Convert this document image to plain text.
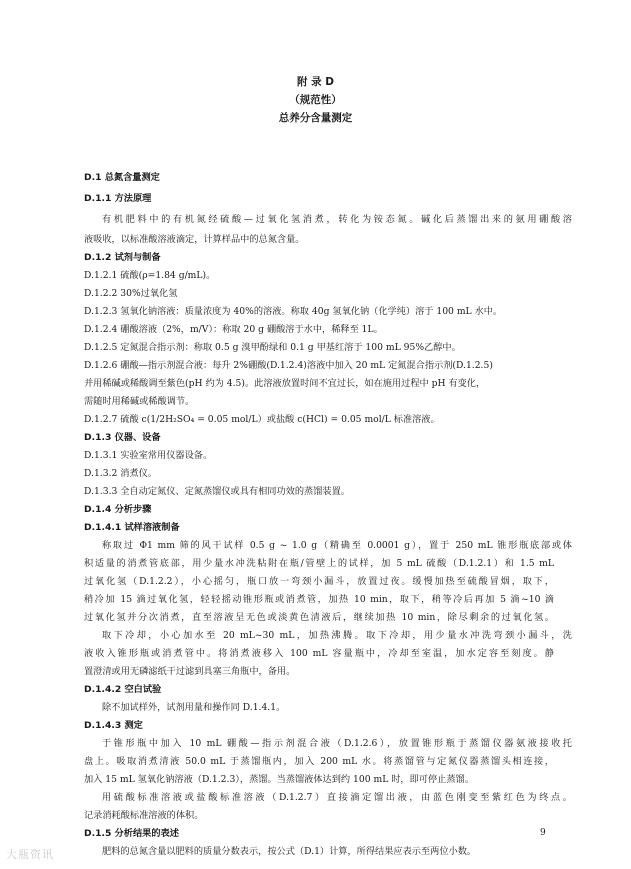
附 录 D
（规范性）
总养分含量测定
D.1 总氮含量测定
D.1.1 方法原理
有机肥料中的有机氮经硫酸—过氧化氢消煮，转化为铵态氮。碱化后蒸馏出来的氨用硼酸溶
液吸收，以标准酸溶液滴定，计算样品中的总氮含量。
D.1.2 试剂与制备
D.1.2.1 硫酸(ρ=1.84 g/mL)。
D.1.2.2 30%过氧化氢
D.1.2.3 氢氧化钠溶液：质量浓度为 40%的溶液。称取 40g 氢氧化钠（化学纯）溶于 100 mL 水中。
D.1.2.4 硼酸溶液（2%，m/V）：称取 20 g 硼酸溶于水中，稀释至 1L。
D.1.2.5 定氮混合指示剂：称取 0.5 g 溴甲酚绿和 0.1 g 甲基红溶于 100 mL 95%乙醇中。
D.1.2.6 硼酸—指示剂混合液：每升 2%硼酸(D.1.2.4)溶液中加入 20 mL 定氮混合指示剂(D.1.2.5)
并用稀碱或稀酸调至紫色(pH 约为 4.5)。此溶液放置时间不宜过长，如在施用过程中 pH 有变化，
需随时用稀碱或稀酸调节。
D.1.2.7 硫酸 c(1/2H₂SO₄ = 0.05 mol/L）或盐酸 c(HCl) = 0.05 mol/L 标准溶液。
D.1.3 仪器、设备
D.1.3.1 实验室常用仪器设备。
D.1.3.2 消煮仪。
D.1.3.3 全自动定氮仪、定氮蒸馏仪或具有相同功效的蒸馏装置。
D.1.4 分析步骤
D.1.4.1 试样溶液制备
称取过 Φ1 mm 筛的风干试样 0.5 g ~ 1.0 g（精确至 0.0001 g），置于 250 mL 锥形瓶底部或体
积适量的消煮管底部，用少量水冲洗粘附在瓶/管壁上的试样，加 5 mL 硫酸（D.1.2.1）和 1.5 mL
过氧化氢（D.1.2.2），小心摇匀，瓶口放一弯颈小漏斗，放置过夜。缓慢加热至硫酸冒烟，取下，
稍冷加 15 滴过氧化氢，轻轻摇动锥形瓶或消煮管，加热 10 min，取下，稍等冷后再加 5 滴~10 滴
过氧化氢并分次消煮，直至溶液呈无色或淡黄色清液后，继续加热 10 min，除尽剩余的过氧化氢。
取下冷却，小心加水至 20 mL~30 mL，加热沸腾。取下冷却，用少量水冲洗弯颈小漏斗，洗
液收入锥形瓶或消煮管中。将消煮液移入 100 mL 容量瓶中，冷却至室温，加水定容至刻度。静
置澄清或用无磷滤纸干过滤到具塞三角瓶中，备用。
D.1.4.2 空白试验
除不加试样外，试剂用量和操作同 D.1.4.1。
D.1.4.3 测定
于锥形瓶中加入 10 mL 硼酸—指示剂混合液（D.1.2.6），放置锥形瓶于蒸馏仪器氨液接收托
盘上。吸取消煮清液 50.0 mL 于蒸馏瓶内，加入 200 mL 水。将蒸馏管与定氮仪器蒸馏头相连接，
加入 15 mL 氢氧化钠溶液（D.1.2.3），蒸馏。当蒸馏液体达到约 100 mL 时，即可停止蒸馏。
用硫酸标准溶液或盐酸标准溶液（D.1.2.7）直接滴定馏出液，由蓝色刚变至紫红色为终点。
记录消耗酸标准溶液的体积。
D.1.5 分析结果的表述
肥料的总氮含量以肥料的质量分数表示，按公式（D.1）计算，所得结果应表示至两位小数。
9
大瓶资讯
